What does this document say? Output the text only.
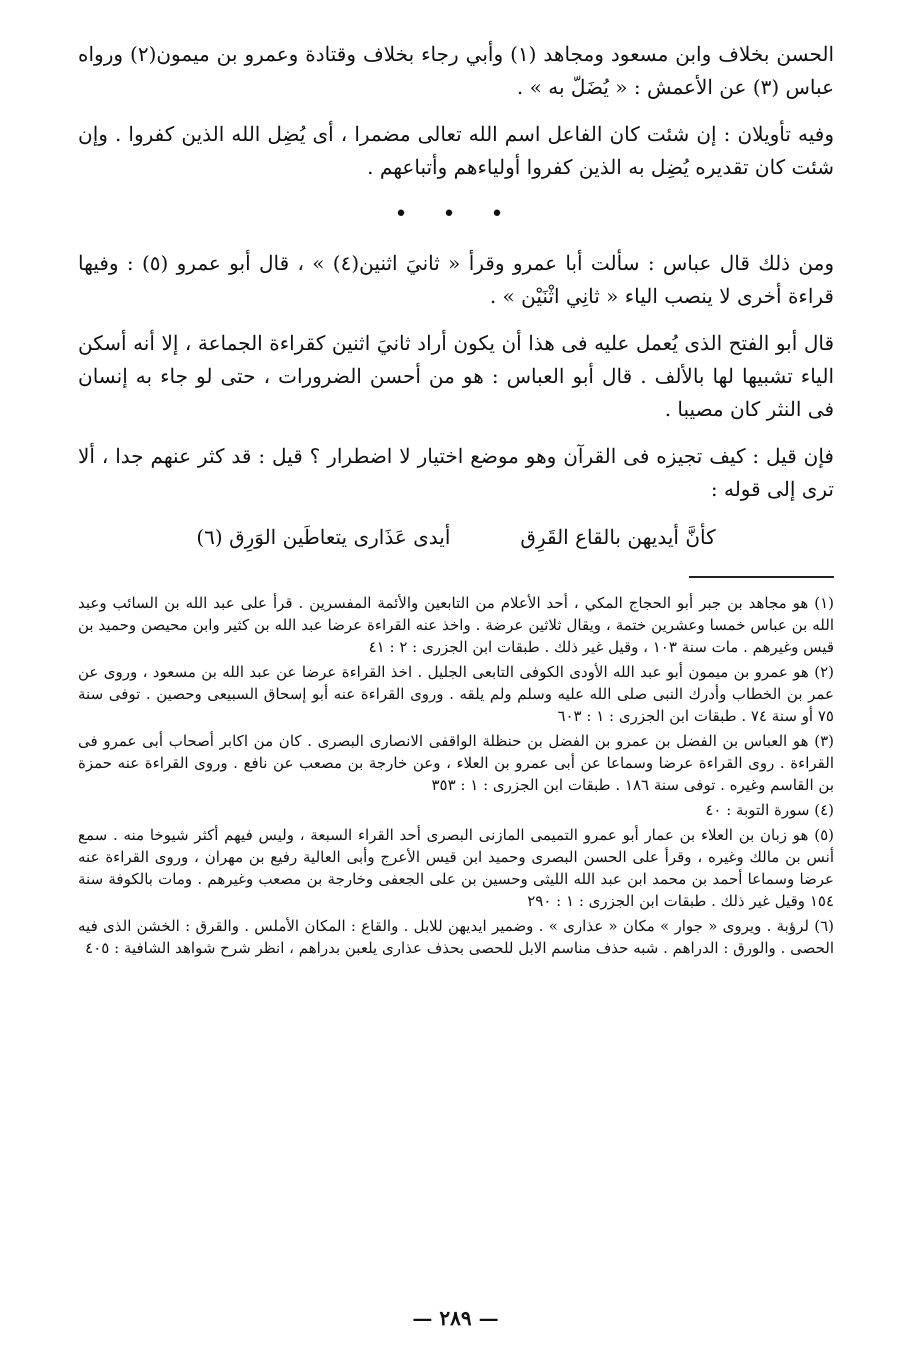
الحسن بخلاف وابن مسعود ومجاهد (١) وأبي رجاء بخلاف وقتادة وعمرو بن ميمون(٢) ورواه عباس (٣) عن الأعمش : « يُضَلّ به » .

وفيه تأويلان : إن شئت كان الفاعل اسم الله تعالى مضمرا ، أى يُضِل الله الذين كفروا . وإن شئت كان تقديره يُضِل به الذين كفروا أولياءهم وأتباعهم .

• • •

ومن ذلك قال عباس : سألت أبا عمرو وقرأ « ثانيَ اثنين(٤) » ، قال أبو عمرو (٥) : وفيها قراءة أخرى لا ينصب الياء « ثانِي اثْنَيْن » .

قال أبو الفتح الذى يُعمل عليه فى هذا أن يكون أراد ثانيَ اثنين كقراءة الجماعة ، إلا أنه أسكن الياء تشبيها لها بالألف . قال أبو العباس : هو من أحسن الضرورات ، حتى لو جاء به إنسان فى النثر كان مصيبا .

فإن قيل : كيف تجيزه فى القرآن وهو موضع اختيار لا اضطرار ؟ قيل : قد كثر عنهم جدا ، ألا ترى إلى قوله :

كأنَّ أيديهن بالقاع القَرِق
أيدى عَذَارى يتعاطَين الوَرِق (٦)

(١) هو مجاهد بن جبر أبو الحجاج المكي ، أحد الأعلام من التابعين والأئمة المفسرين . قرأ على عبد الله بن السائب وعبد الله بن عباس خمسا وعشرين ختمة ، ويقال ثلاثين عرضة . واخذ عنه القراءة عرضا عبد الله بن كثير وابن محيصن وحميد بن قيس وغيرهم . مات سنة ١٠٣ ، وقيل غير ذلك . طبقات ابن الجزرى : ٢ : ٤١

(٢) هو عمرو بن ميمون أبو عبد الله الأودى الكوفى التابعى الجليل . اخذ القراءة عرضا عن عبد الله بن مسعود ، وروى عن عمر بن الخطاب وأدرك النبى صلى الله عليه وسلم ولم يلقه . وروى القراءة عنه أبو إسحاق السبيعى وحصين . توفى سنة ٧٥ أو سنة ٧٤ . طبقات ابن الجزرى : ١ : ٦٠٣

(٣) هو العباس بن الفضل بن عمرو بن الفضل بن حنظلة الواقفى الانصارى البصرى . كان من اكابر أصحاب أبى عمرو فى القراءة . روى القراءة عرضا وسماعا عن أبى عمرو بن العلاء ، وعن خارجة بن مصعب عن نافع . وروى القراءة عنه حمزة بن القاسم وغيره . توفى سنة ١٨٦ . طبقات ابن الجزرى : ١ : ٣٥٣

(٤) سورة التوبة : ٤٠

(٥) هو زبان بن العلاء بن عمار أبو عمرو التميمى المازنى البصرى أحد القراء السبعة ، وليس فيهم أكثر شيوخا منه . سمع أنس بن مالك وغيره ، وقرأ على الحسن البصرى وحميد ابن قيس الأعرج وأبى العالية رفيع بن مهران ، وروى القراءة عنه عرضا وسماعا أحمد بن محمد ابن عبد الله الليثى وحسين بن على الجعفى وخارجة بن مصعب وغيرهم . ومات بالكوفة سنة ١٥٤ وقيل غير ذلك . طبقات ابن الجزرى : ١ : ٢٩٠

(٦) لرؤبة . ويروى « جوار » مكان « عذارى » . وضمير ايديهن للابل . والقاع : المكان الأملس . والقرق : الخشن الذى فيه الحصى . والورق : الدراهم . شبه حذف مناسم الابل للحصى بحذف عذارى يلعبن بدراهم ، انظر شرح شواهد الشافية : ٤٠٥

— ٢٨٩ —
